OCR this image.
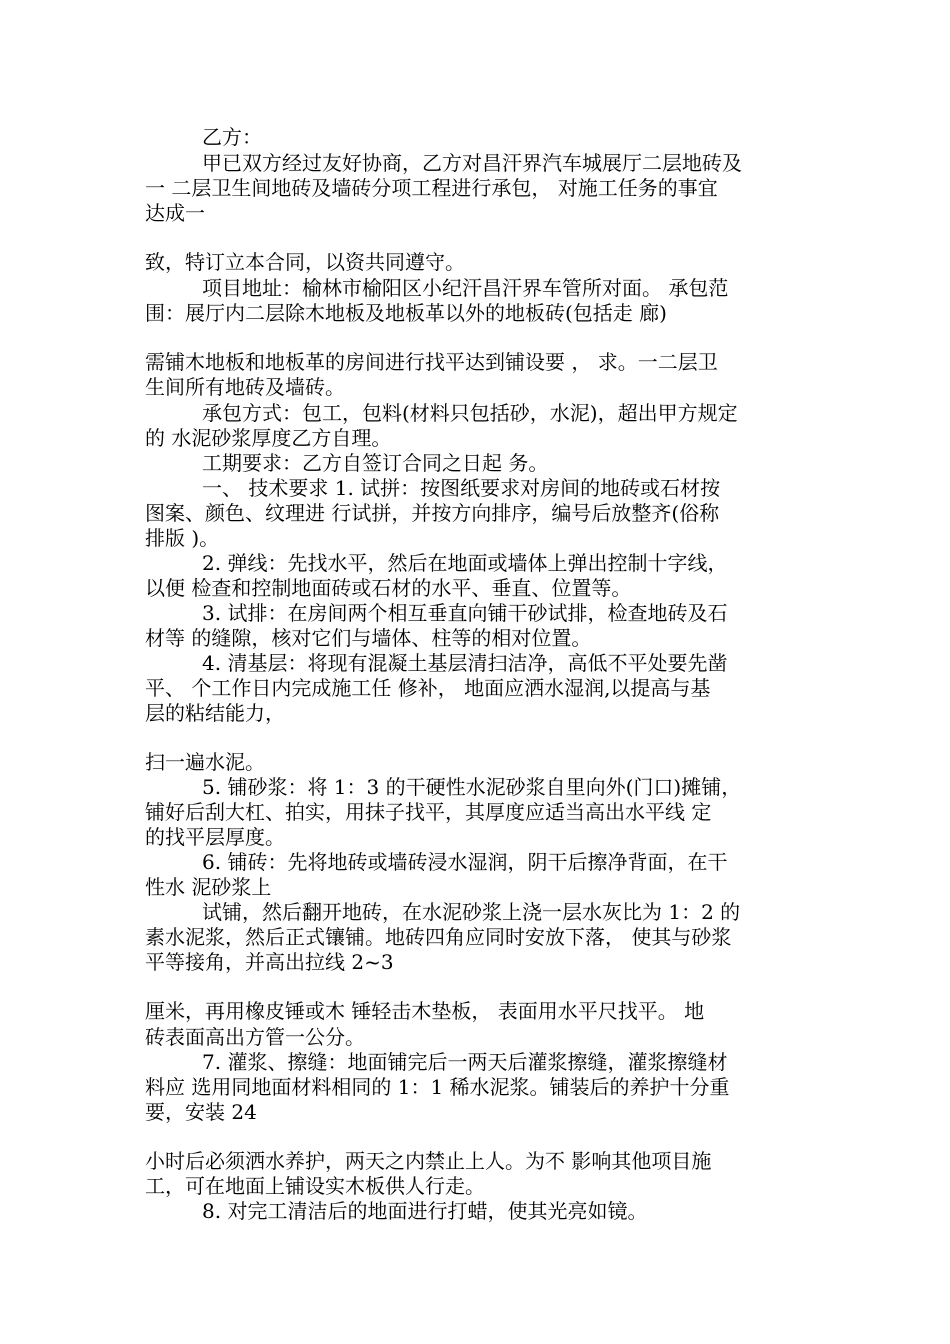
乙方：

甲已双方经过友好协商，乙方对昌汗界汽车城展厅二层地砖及

一 二层卫生间地砖及墙砖分项工程进行承包， 对施工任务的事宜

达成一

致，特订立本合同，以资共同遵守。

项目地址：榆林市榆阳区小纪汗昌汗界车管所对面。 承包范

围：展厅内二层除木地板及地板革以外的地板砖(包括走 廊)

需铺木地板和地板革的房间进行找平达到铺设要 ， 求。一二层卫

生间所有地砖及墙砖。

承包方式：包工，包料(材料只包括砂，水泥)，超出甲方规定

的 水泥砂浆厚度乙方自理。

工期要求：乙方自签订合同之日起 务。

一、 技术要求 1. 试拼：按图纸要求对房间的地砖或石材按

图案、颜色、纹理进 行试拼，并按方向排序，编号后放整齐(俗称

排版 )。

2. 弹线：先找水平，然后在地面或墙体上弹出控制十字线，

以便 检查和控制地面砖或石材的水平、垂直、位置等。

3. 试排：在房间两个相互垂直向铺干砂试排，检查地砖及石

材等 的缝隙，核对它们与墙体、柱等的相对位置。

4. 清基层：将现有混凝土基层清扫洁净，高低不平处要先凿

平、 个工作日内完成施工任 修补， 地面应洒水湿润,以提高与基

层的粘结能力，

扫一遍水泥。

5. 铺砂浆：将 1：3 的干硬性水泥砂浆自里向外(门口)摊铺，

铺好后刮大杠、拍实，用抹子找平，其厚度应适当高出水平线 定

的找平层厚度。

6. 铺砖：先将地砖或墙砖浸水湿润，阴干后擦净背面，在干

性水 泥砂浆上

试铺，然后翻开地砖，在水泥砂浆上浇一层水灰比为 1：2 的

素水泥浆，然后正式镶铺。地砖四角应同时安放下落， 使其与砂浆

平等接角，并高出拉线 2~3

厘米，再用橡皮锤或木 锤轻击木垫板， 表面用水平尺找平。 地

砖表面高出方管一公分。

7. 灌浆、擦缝：地面铺完后一两天后灌浆擦缝，灌浆擦缝材

料应 选用同地面材料相同的 1：1 稀水泥浆。铺装后的养护十分重

要，安装 24

小时后必须洒水养护，两天之内禁止上人。为不 影响其他项目施

工，可在地面上铺设实木板供人行走。

8. 对完工清洁后的地面进行打蜡，使其光亮如镜。
